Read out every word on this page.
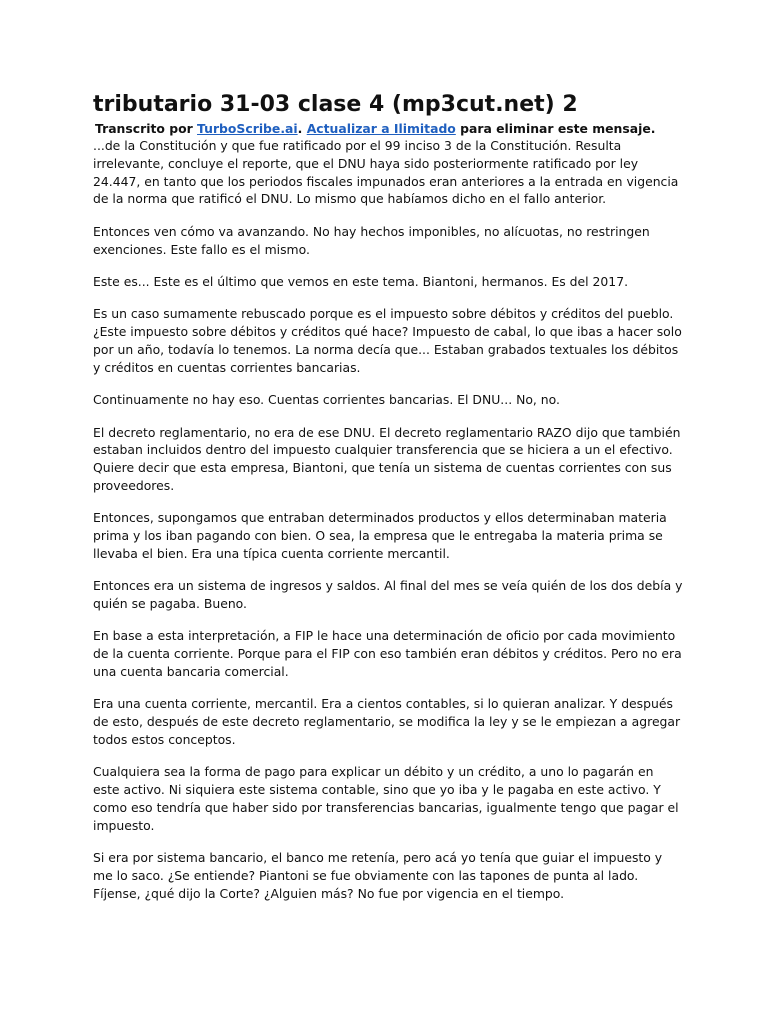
tributario 31-03 clase 4 (mp3cut.net) 2

Transcrito por TurboScribe.ai. Actualizar a Ilimitado para eliminar este mensaje.

...de la Constitución y que fue ratificado por el 99 inciso 3 de la Constitución. Resulta irrelevante, concluye el reporte, que el DNU haya sido posteriormente ratificado por ley 24.447, en tanto que los periodos fiscales impunados eran anteriores a la entrada en vigencia de la norma que ratificó el DNU. Lo mismo que habíamos dicho en el fallo anterior.

Entonces ven cómo va avanzando. No hay hechos imponibles, no alícuotas, no restringen exenciones. Este fallo es el mismo.

Este es... Este es el último que vemos en este tema. Biantoni, hermanos. Es del 2017.

Es un caso sumamente rebuscado porque es el impuesto sobre débitos y créditos del pueblo. ¿Este impuesto sobre débitos y créditos qué hace? Impuesto de cabal, lo que ibas a hacer solo por un año, todavía lo tenemos. La norma decía que... Estaban grabados textuales los débitos y créditos en cuentas corrientes bancarias.

Continuamente no hay eso. Cuentas corrientes bancarias. El DNU... No, no.

El decreto reglamentario, no era de ese DNU. El decreto reglamentario RAZO dijo que también estaban incluidos dentro del impuesto cualquier transferencia que se hiciera a un el efectivo. Quiere decir que esta empresa, Biantoni, que tenía un sistema de cuentas corrientes con sus proveedores.

Entonces, supongamos que entraban determinados productos y ellos determinaban materia prima y los iban pagando con bien. O sea, la empresa que le entregaba la materia prima se llevaba el bien. Era una típica cuenta corriente mercantil.

Entonces era un sistema de ingresos y saldos. Al final del mes se veía quién de los dos debía y quién se pagaba. Bueno.

En base a esta interpretación, a FIP le hace una determinación de oficio por cada movimiento de la cuenta corriente. Porque para el FIP con eso también eran débitos y créditos. Pero no era una cuenta bancaria comercial.

Era una cuenta corriente, mercantil. Era a cientos contables, si lo quieran analizar. Y después de esto, después de este decreto reglamentario, se modifica la ley y se le empiezan a agregar todos estos conceptos.

Cualquiera sea la forma de pago para explicar un débito y un crédito, a uno lo pagarán en este activo. Ni siquiera este sistema contable, sino que yo iba y le pagaba en este activo. Y como eso tendría que haber sido por transferencias bancarias, igualmente tengo que pagar el impuesto.

Si era por sistema bancario, el banco me retenía, pero acá yo tenía que guiar el impuesto y me lo saco. ¿Se entiende? Piantoni se fue obviamente con las tapones de punta al lado. Fíjense, ¿qué dijo la Corte? ¿Alguien más? No fue por vigencia en el tiempo.
